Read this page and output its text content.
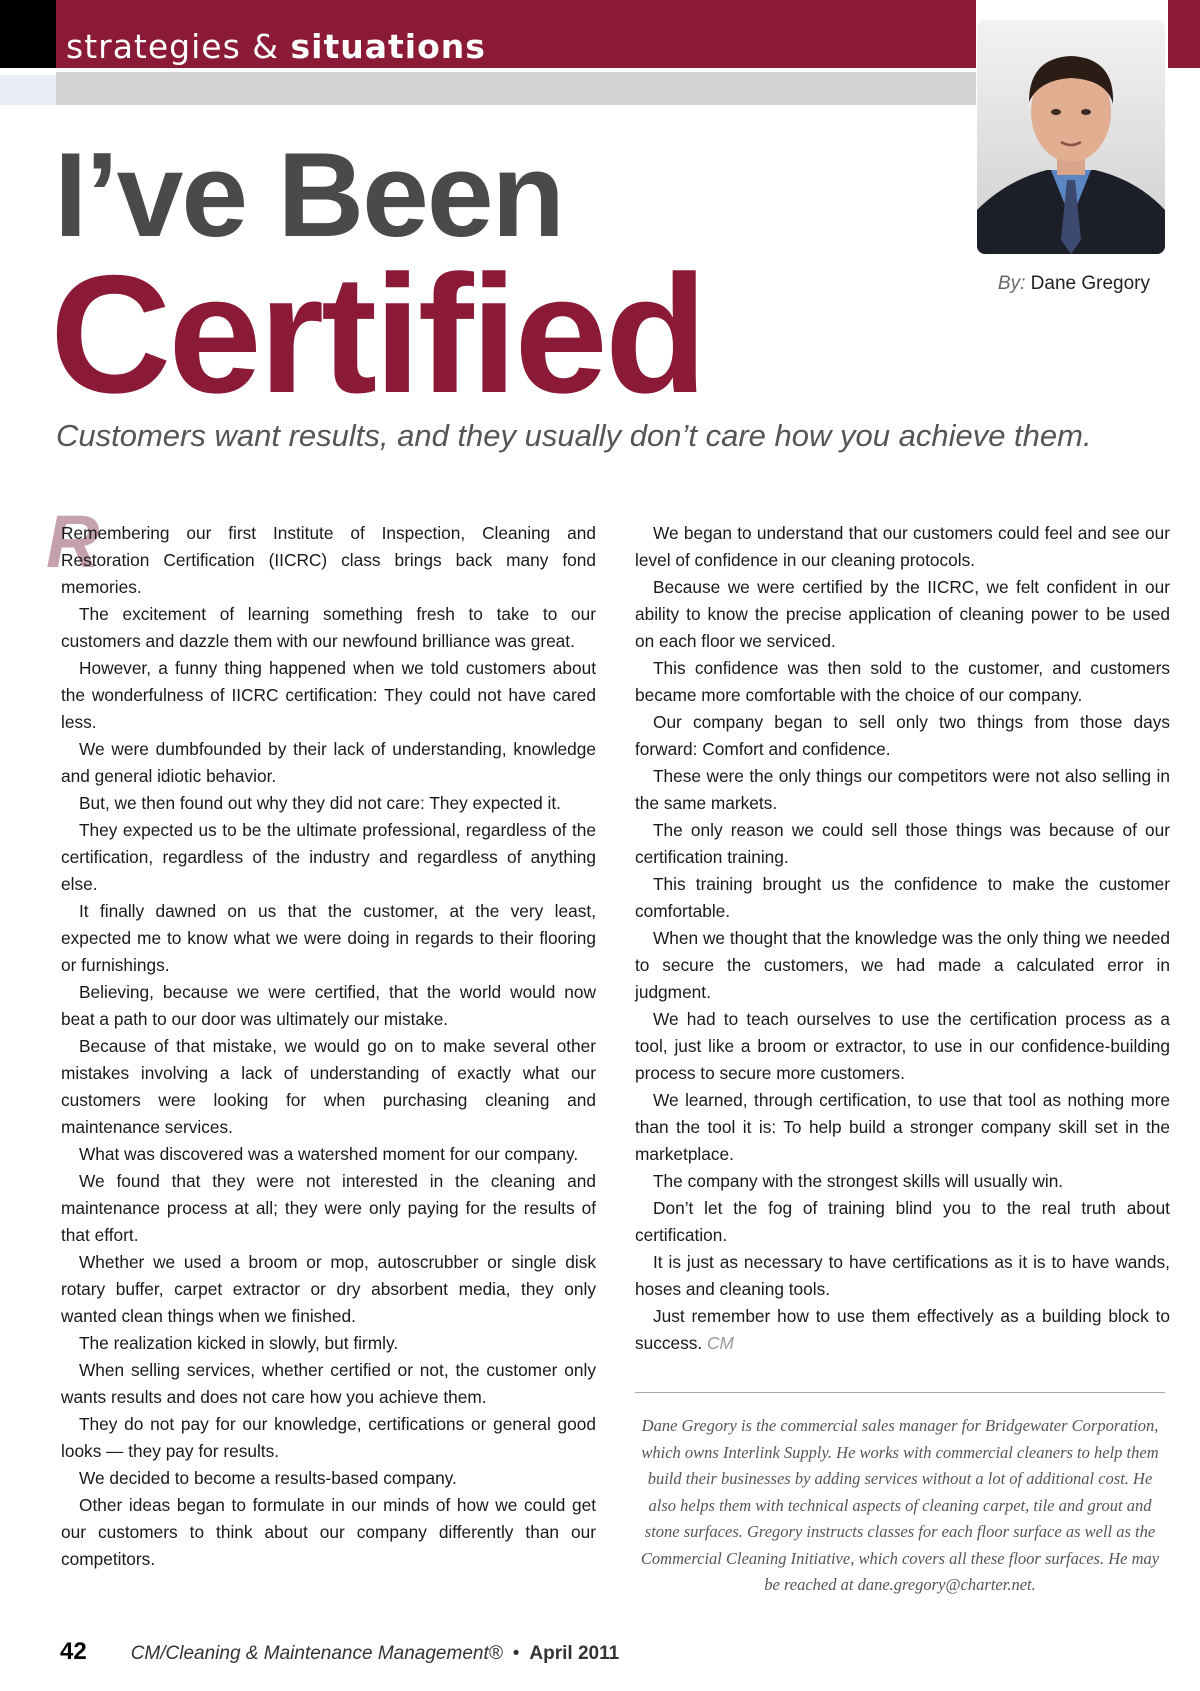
strategies & situations

By: Dane Gregory

I’ve Been
Certified

Customers want results, and they usually don’t care how you achieve them.

R

Remembering our first Institute of Inspection, Cleaning and Restoration Certification (IICRC) class brings back many fond memories.

The excitement of learning something fresh to take to our customers and dazzle them with our newfound brilliance was great.

However, a funny thing happened when we told customers about the wonderfulness of IICRC certification: They could not have cared less.

We were dumbfounded by their lack of understanding, knowledge and general idiotic behavior.

But, we then found out why they did not care: They expected it.

They expected us to be the ultimate professional, regardless of the certification, regardless of the industry and regardless of anything else.

It finally dawned on us that the customer, at the very least, expected me to know what we were doing in regards to their flooring or furnishings.

Believing, because we were certified, that the world would now beat a path to our door was ultimately our mistake.

Because of that mistake, we would go on to make several other mistakes involving a lack of understanding of exactly what our customers were looking for when purchasing cleaning and maintenance services.

What was discovered was a watershed moment for our company.

We found that they were not interested in the cleaning and maintenance process at all; they were only paying for the results of that effort.

Whether we used a broom or mop, autoscrubber or single disk rotary buffer, carpet extractor or dry absorbent media, they only wanted clean things when we finished.

The realization kicked in slowly, but firmly.

When selling services, whether certified or not, the customer only wants results and does not care how you achieve them.

They do not pay for our knowledge, certifications or general good looks — they pay for results.

We decided to become a results-based company.

Other ideas began to formulate in our minds of how we could get our customers to think about our company differently than our competitors.

We began to understand that our customers could feel and see our level of confidence in our cleaning protocols.

Because we were certified by the IICRC, we felt confident in our ability to know the precise application of cleaning power to be used on each floor we serviced.

This confidence was then sold to the customer, and customers became more comfortable with the choice of our company.

Our company began to sell only two things from those days forward: Comfort and confidence.

These were the only things our competitors were not also selling in the same markets.

The only reason we could sell those things was because of our certification training.

This training brought us the confidence to make the customer comfortable.

When we thought that the knowledge was the only thing we needed to secure the customers, we had made a calculated error in judgment.

We had to teach ourselves to use the certification process as a tool, just like a broom or extractor, to use in our confidence-building process to secure more customers.

We learned, through certification, to use that tool as nothing more than the tool it is: To help build a stronger company skill set in the marketplace.

The company with the strongest skills will usually win.

Don’t let the fog of training blind you to the real truth about certification.

It is just as necessary to have certifications as it is to have wands, hoses and cleaning tools.

Just remember how to use them effectively as a building block to success. CM

Dane Gregory is the commercial sales manager for Bridgewater Corporation, which owns Interlink Supply. He works with commercial cleaners to help them build their businesses by adding services without a lot of additional cost. He also helps them with technical aspects of cleaning carpet, tile and grout and stone surfaces. Gregory instructs classes for each floor surface as well as the Commercial Cleaning Initiative, which covers all these floor surfaces. He may be reached at dane.gregory@charter.net.

42 CM/Cleaning & Maintenance Management® • April 2011
